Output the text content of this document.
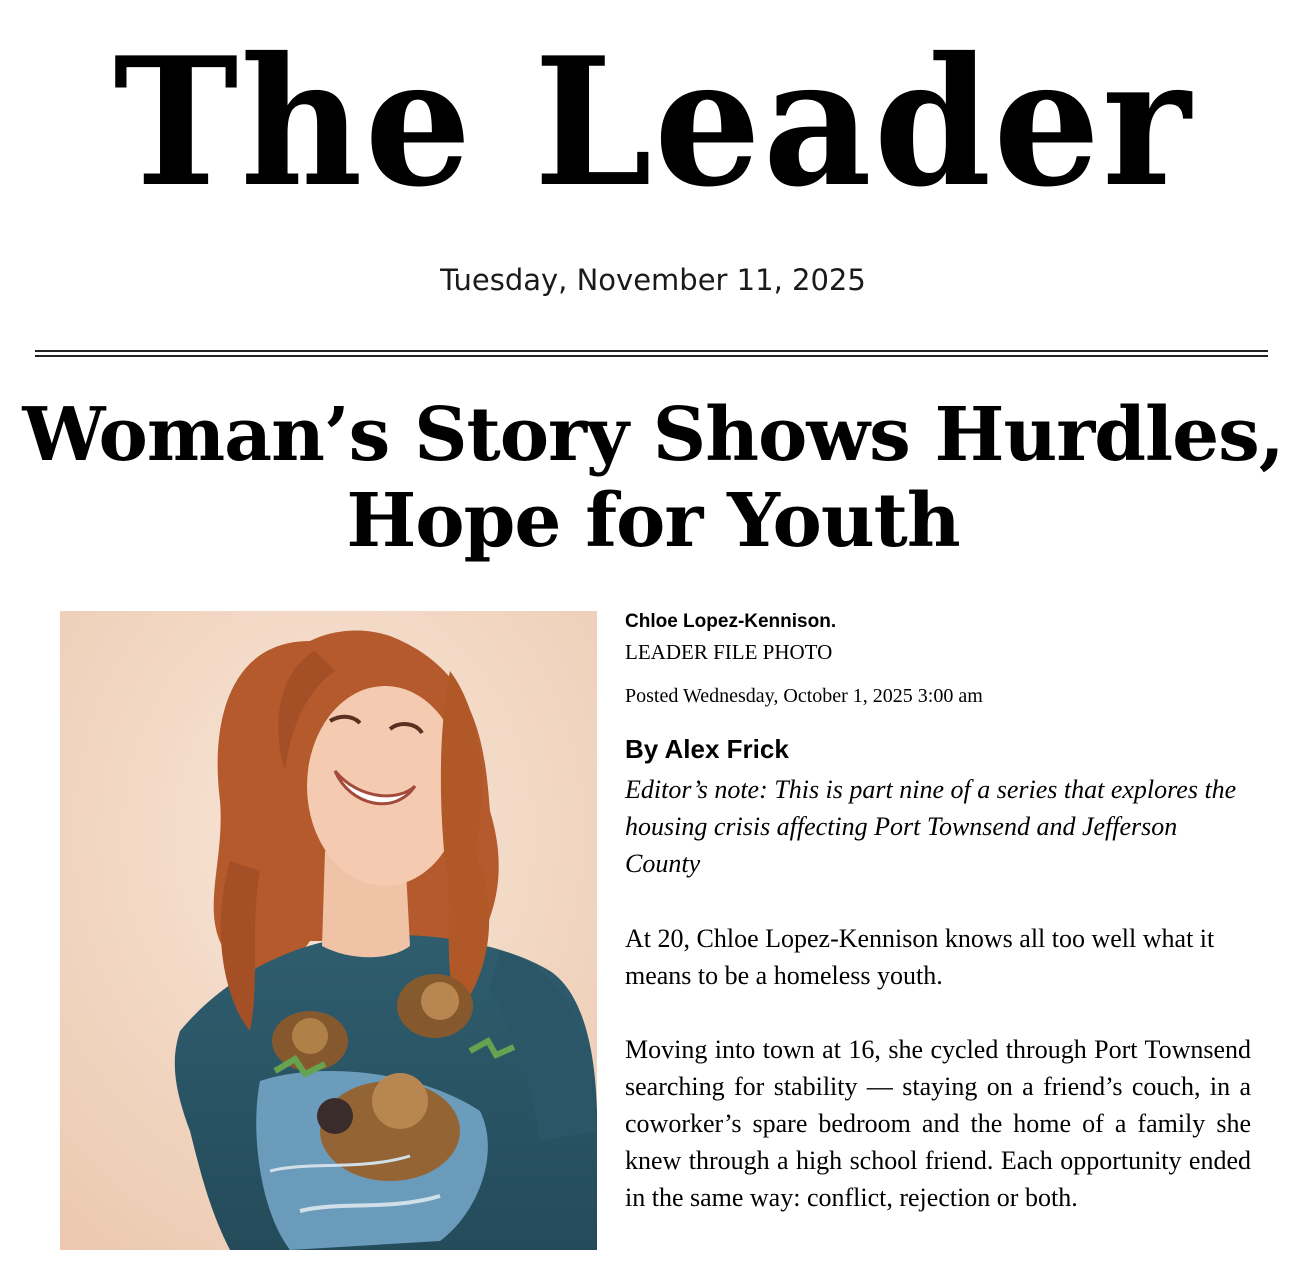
The Leader
Tuesday, November 11, 2025
Woman’s Story Shows Hurdles, Hope for Youth
Chloe Lopez-Kennison.
LEADER FILE PHOTO
Posted Wednesday, October 1, 2025 3:00 am
By Alex Frick
Editor’s note: This is part nine of a series that explores the housing crisis affecting Port Townsend and Jefferson County
At 20, Chloe Lopez-Kennison knows all too well what it means to be a homeless youth.
Moving into town at 16, she cycled through Port Townsend searching for stability — staying on a friend’s couch, in a coworker’s spare bedroom and the home of a family she knew through a high school friend. Each opportunity ended in the same way: conflict, rejection or both.
